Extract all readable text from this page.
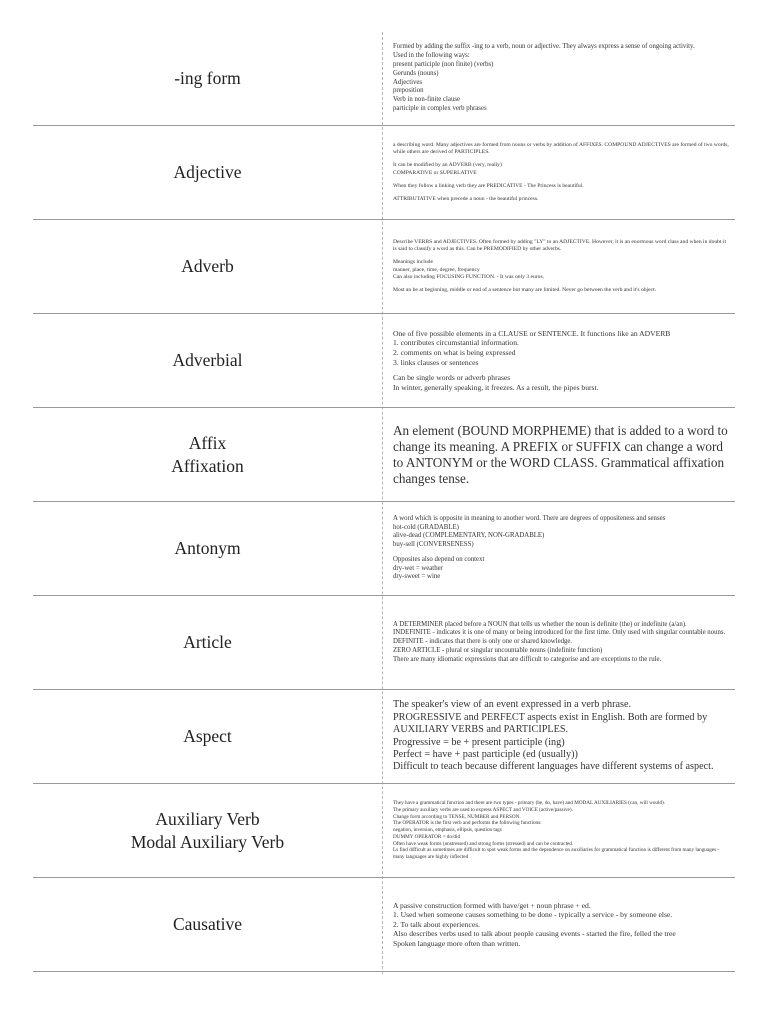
-ing form
Formed by adding the suffix -ing to a verb, noun or adjective. They always express a sense of ongoing activity.
Used in the following ways:
present participle (non finite) (verbs)
Gerunds (nouns)
Adjectives
preposition
Verb in non-finite clause
participle in complex verb phrases
Adjective
a describing word. Many adjectives are formed from nouns or verbs by addition of AFFIXES. COMPOUND ADJECTIVES are formed of two words, while others are derived of PARTICIPLES.
It can be modified by an ADVERB (very, really)
COMPARATIVE or SUPERLATIVE
When they follow a linking verb they are PREDICATIVE - The Princess is beautiful.
ATTRIBUTATIVE when precede a noun - the beautiful princess.
Adverb
Describe VERBS and ADJECTIVES. Often formed by adding "LY" to an ADJECTIVE. However, it is an enormous word class and when in doubt it is said to classify a word as this. Can be PREMODIFIED by other adverbs.
Meanings include
manner, place, time, degree, frequency
Can also including FOCUSING FUNCTION. - It was only 3 euros.
Most an be at beginning, middle or end of a sentence but many are limited. Never go between the verb and it's object.
Adverbial
One of five possible elements in a CLAUSE or SENTENCE. It functions like an ADVERB
1. contributes circumstantial information.
2. comments on what is being expressed
3. links clauses or sentences
Can be single words or adverb phrases
In winter, generally speaking, it freezes. As a result, the pipes burst.
Affix
Affixation
An element (BOUND MORPHEME) that is added to a word to change its meaning. A PREFIX or SUFFIX can change a word to ANTONYM or the WORD CLASS. Grammatical affixation changes tense.
Antonym
A word which is opposite in meaning to another word. There are degrees of oppositeness and senses
hot-cold (GRADABLE)
alive-dead (COMPLEMENTARY, NON-GRADABLE)
buy-sell (CONVERSENESS)
Opposites also depend on context
dry-wet = weather
dry-sweet = wine
Article
A DETERMINER placed before a NOUN that tells us whether the noun is definite (the) or indefinite (a/an).
INDEFINITE - indicates it is one of many or being introduced for the first time. Only used with singular countable nouns.
DEFINITE - indicates that there is only one or shared knowledge.
ZERO ARTICLE - plural or singular uncountable nouns (indefinite function)
There are many idiomatic expressions that are difficult to categorise and are exceptions to the rule.
Aspect
The speaker's view of an event expressed in a verb phrase.
PROGRESSIVE and PERFECT aspects exist in English. Both are formed by AUXILIARY VERBS and PARTICIPLES.
Progressive = be + present participle (ing)
Perfect = have + past participle (ed (usually))
Difficult to teach because different languages have different systems of aspect.
Auxiliary Verb
Modal Auxiliary Verb
They have a grammatical function and there are two types - primary (be, do, have) and MODAL AUXILIARIES (can, will would).
The primary auxiliary verbs are used to express ASPECT and VOICE (active/passive).
Change form according to TENSE, NUMBER and PERSON.
The OPERATOR is the first verb and performs the following functions:
negation, inversion, emphasis, ellipsis, question tags
DUMMY OPERATOR = do/did
Often have weak forms (unstressed) and strong forms (stressed) and can be contracted.
Ls find difficult as sometimes are difficult to spot weak forms and the dependence on auxiliaries for grammatical function is different from many languages - many languages are highly inflected
Causative
A passive construction formed with have/get + noun phrase + ed.
1. Used when someone causes something to be done - typically a service - by someone else.
2. To talk about experiences.
Also describes verbs used to talk about people causing events - started the fire, felled the tree
Spoken language more often than written.
